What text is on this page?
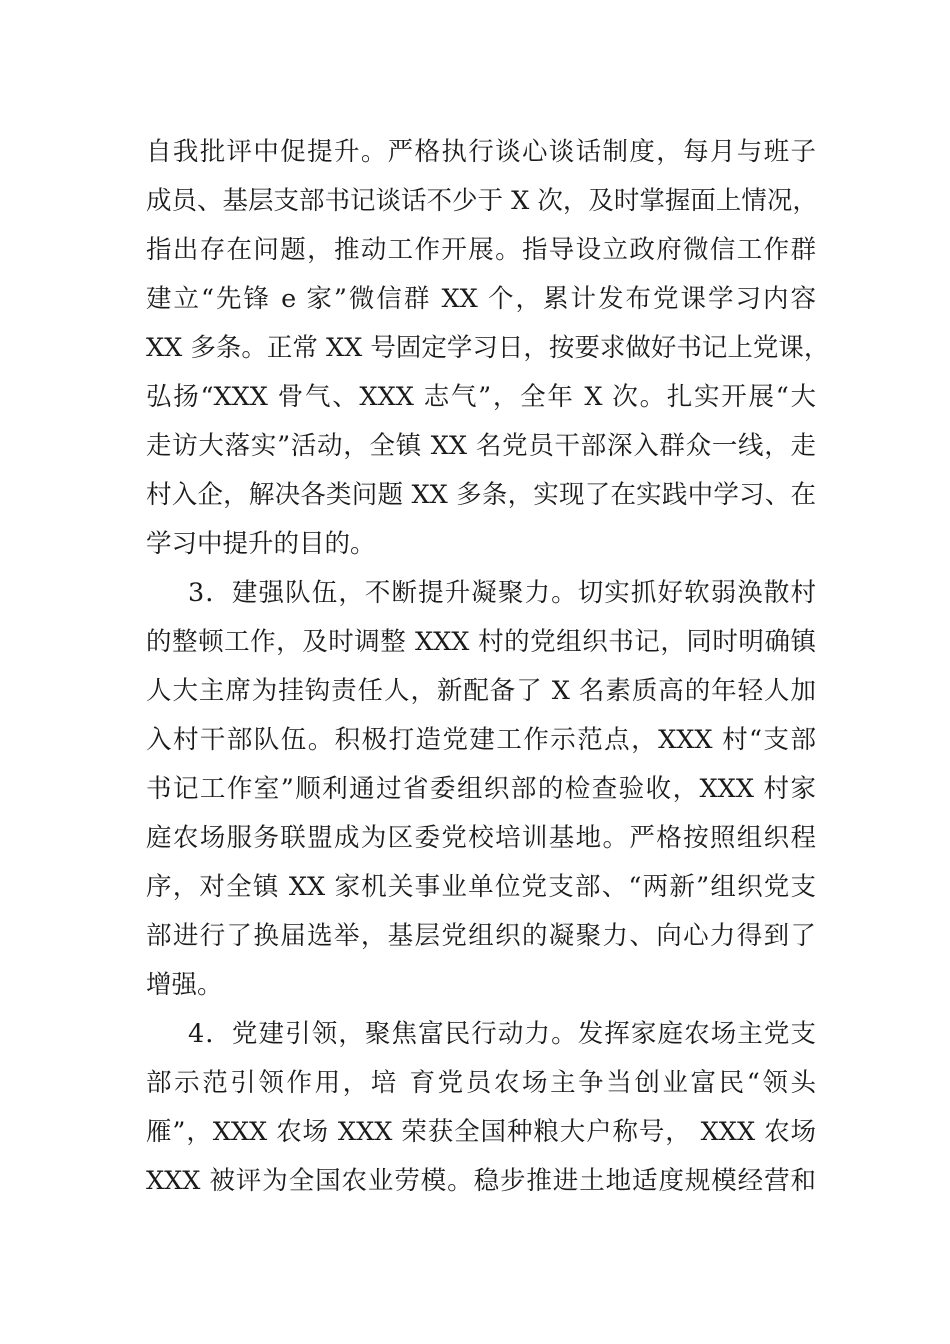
自我批评中促提升。严格执行谈心谈话制度，每月与班子
成员、基层支部书记谈话不少于 X 次，及时掌握面上情况，
指出存在问题，推动工作开展。指导设立政府微信工作群
建立“先锋 e 家”微信群 XX 个，累计发布党课学习内容
XX 多条。正常 XX 号固定学习日，按要求做好书记上党课，
弘扬“XXX 骨气、XXX 志气”，全年 X 次。扎实开展“大
走访大落实”活动，全镇 XX 名党员干部深入群众一线，走
村入企，解决各类问题 XX 多条，实现了在实践中学习、在
学习中提升的目的。
3．建强队伍，不断提升凝聚力。切实抓好软弱涣散村
的整顿工作，及时调整 XXX 村的党组织书记，同时明确镇
人大主席为挂钩责任人，新配备了 X 名素质高的年轻人加
入村干部队伍。积极打造党建工作示范点，XXX 村“支部
书记工作室”顺利通过省委组织部的检查验收，XXX 村家
庭农场服务联盟成为区委党校培训基地。严格按照组织程
序，对全镇 XX 家机关事业单位党支部、“两新”组织党支
部进行了换届选举，基层党组织的凝聚力、向心力得到了
增强。
4．党建引领，聚焦富民行动力。发挥家庭农场主党支
部示范引领作用，培 育党员农场主争当创业富民“领头
雁”，XXX 农场 XXX 荣获全国种粮大户称号， XXX 农场
XXX 被评为全国农业劳模。稳步推进土地适度规模经营和
